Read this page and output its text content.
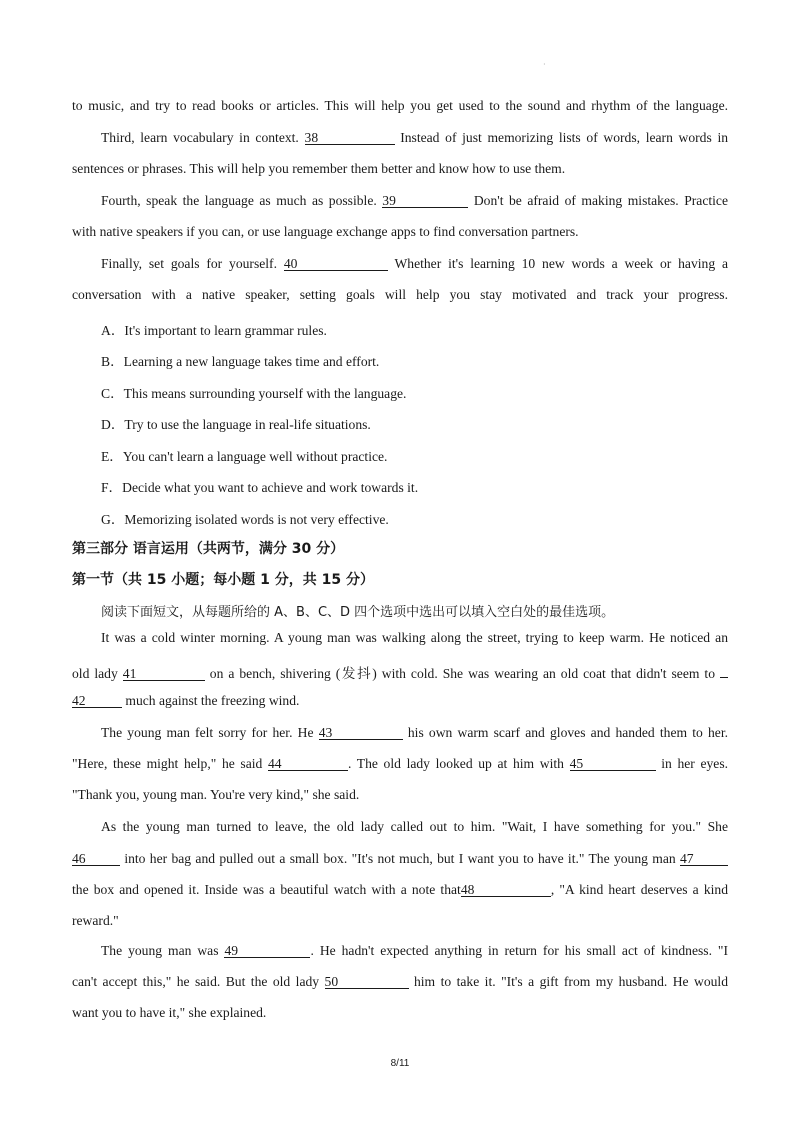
·
to music, and try to read books or articles. This will help you get used to the sound and rhythm of the language.
Third, learn vocabulary in context. 38	Instead of just memorizing lists of words, learn words in
sentences or phrases. This will help you remember them better and know how to use them.
Fourth, speak the language as much as possible. 39	Don't be afraid of making mistakes. Practice
with native speakers if you can, or use language exchange apps to find conversation partners.
Finally, set goals for yourself. 40	Whether it's learning 10 new words a week or having a
conversation with a native speaker, setting goals will help you stay motivated and track your progress.
A．It's important to learn grammar rules.
B．Learning a new language takes time and effort.
C．This means surrounding yourself with the language.
D．Try to use the language in real-life situations.
E．You can't learn a language well without practice.
F．Decide what you want to achieve and work towards it.
G．Memorizing isolated words is not very effective.
第三部分 语言运用（共两节，满分 30 分）
第一节（共 15 小题；每小题 1 分，共 15 分）
阅读下面短文，从每题所给的 A、B、C、D 四个选项中选出可以填入空白处的最佳选项。
It was a cold winter morning. A young man was walking along the street, trying to keep warm. He noticed an
old lady 41	on a bench, shivering (发抖) with cold. She was wearing an old coat that didn't seem to
42	much against the freezing wind.
The young man felt sorry for her. He 43	his own warm scarf and gloves and handed them to her.
"Here, these might help," he said 44	. The old lady looked up at him with 45	in her eyes.
"Thank you, young man. You're very kind," she said.
As the young man turned to leave, the old lady called out to him. "Wait, I have something for you." She
46	into her bag and pulled out a small box. "It's not much, but I want you to have it." The young man 47
the box and opened it. Inside was a beautiful watch with a note that48	, "A kind heart deserves a kind
reward."
The young man was 49	. He hadn't expected anything in return for his small act of kindness. "I
can't accept this," he said. But the old lady 50	him to take it. "It's a gift from my husband. He would
want you to have it," she explained.
8/11
